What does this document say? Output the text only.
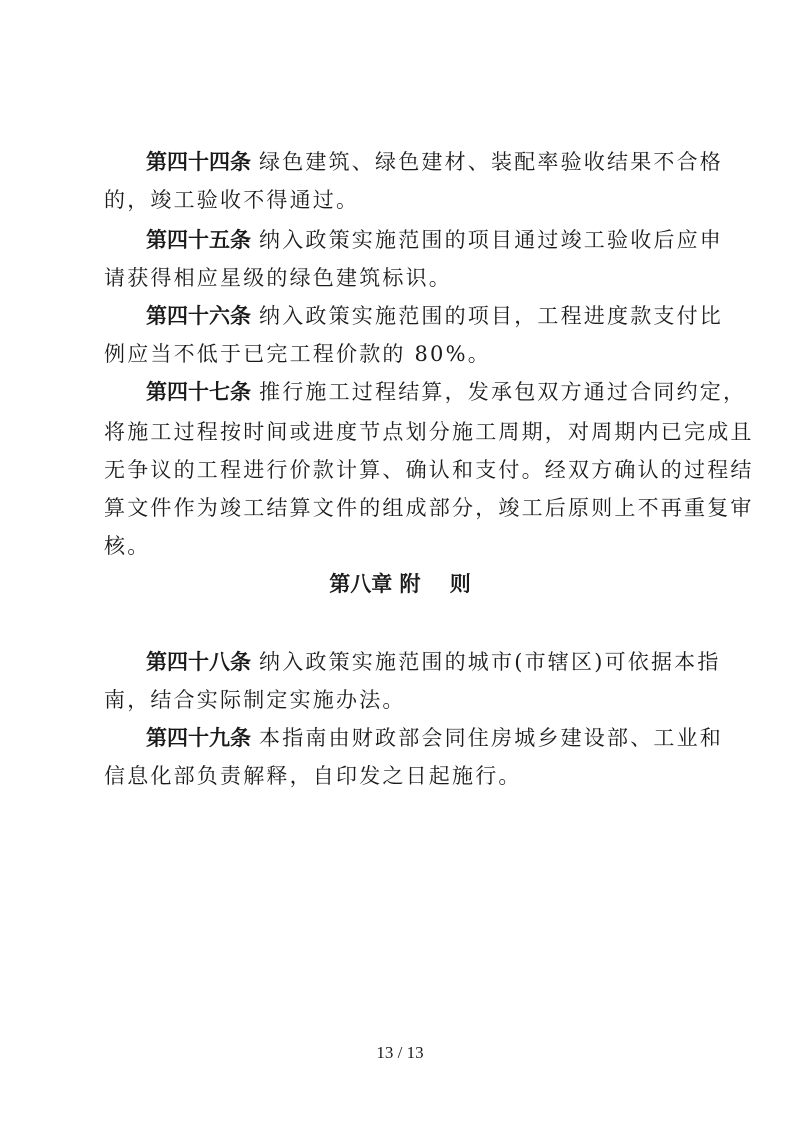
第四十四条 绿色建筑、绿色建材、装配率验收结果不合格
的，竣工验收不得通过。
第四十五条 纳入政策实施范围的项目通过竣工验收后应申
请获得相应星级的绿色建筑标识。
第四十六条 纳入政策实施范围的项目，工程进度款支付比
例应当不低于已完工程价款的 80%。
第四十七条 推行施工过程结算，发承包双方通过合同约定，
将施工过程按时间或进度节点划分施工周期，对周期内已完成且
无争议的工程进行价款计算、确认和支付。经双方确认的过程结
算文件作为竣工结算文件的组成部分，竣工后原则上不再重复审
核。
第八章 附    则
第四十八条 纳入政策实施范围的城市(市辖区)可依据本指
南，结合实际制定实施办法。
第四十九条 本指南由财政部会同住房城乡建设部、工业和
信息化部负责解释，自印发之日起施行。
13 / 13
